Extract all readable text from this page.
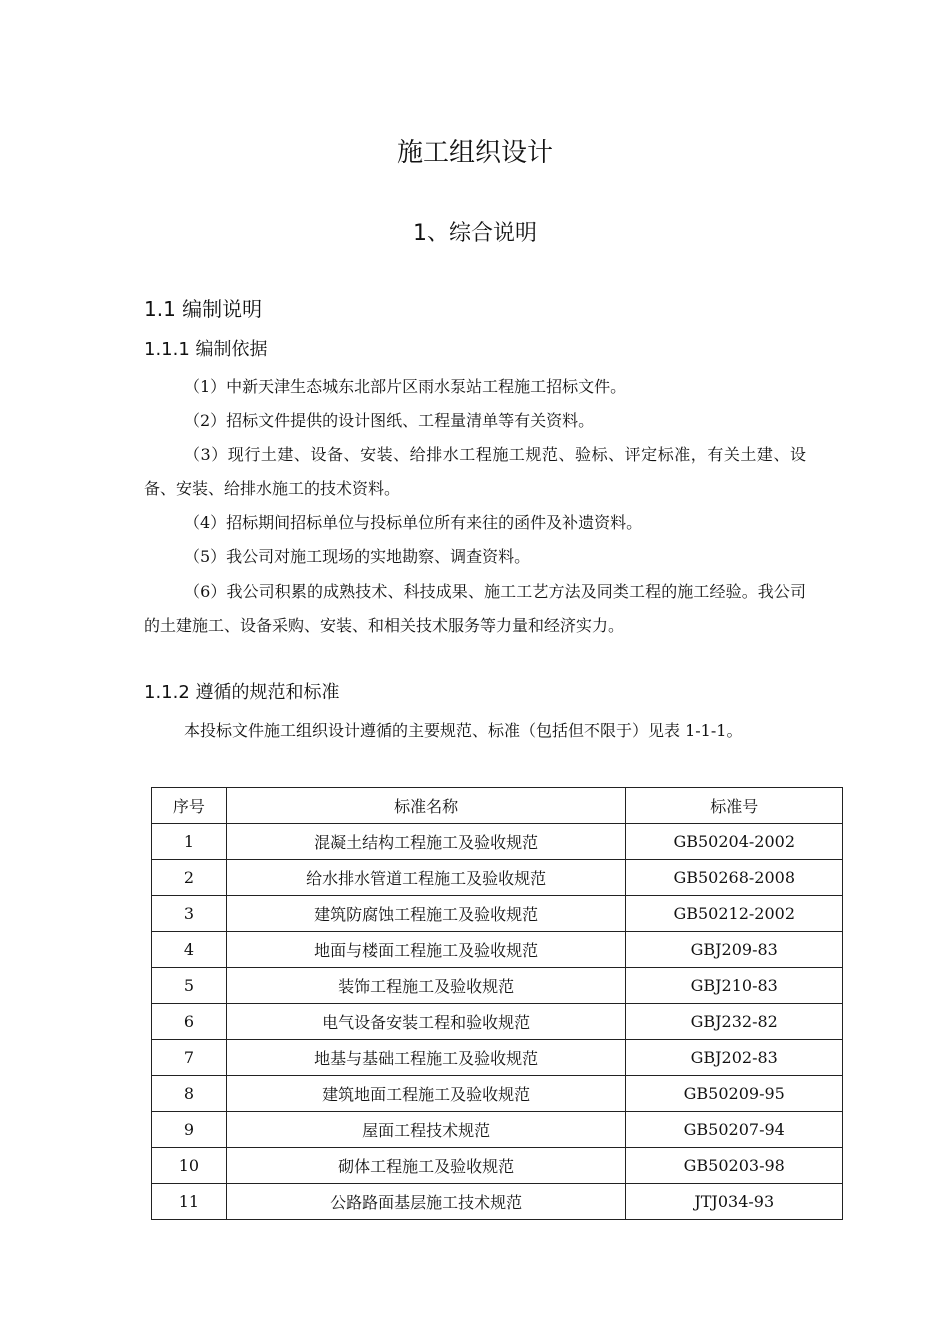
施工组织设计
1、综合说明
1.1 编制说明
1.1.1 编制依据

（1）中新天津生态城东北部片区雨水泵站工程施工招标文件。

（2）招标文件提供的设计图纸、工程量清单等有关资料。

（3）现行土建、设备、安装、给排水工程施工规范、验标、评定标准，有关土建、设备、安装、给排水施工的技术资料。

（4）招标期间招标单位与投标单位所有来往的函件及补遗资料。

（5）我公司对施工现场的实地勘察、调查资料。

（6）我公司积累的成熟技术、科技成果、施工工艺方法及同类工程的施工经验。我公司的土建施工、设备采购、安装、和相关技术服务等力量和经济实力。

1.1.2 遵循的规范和标准

本投标文件施工组织设计遵循的主要规范、标准（包括但不限于）见表 1-1-1。

序号	标准名称	标准号
1	混凝土结构工程施工及验收规范	GB50204-2002
2	给水排水管道工程施工及验收规范	GB50268-2008
3	建筑防腐蚀工程施工及验收规范	GB50212-2002
4	地面与楼面工程施工及验收规范	GBJ209-83
5	装饰工程施工及验收规范	GBJ210-83
6	电气设备安装工程和验收规范	GBJ232-82
7	地基与基础工程施工及验收规范	GBJ202-83
8	建筑地面工程施工及验收规范	GB50209-95
9	屋面工程技术规范	GB50207-94
10	砌体工程施工及验收规范	GB50203-98
11	公路路面基层施工技术规范	JTJ034-93
